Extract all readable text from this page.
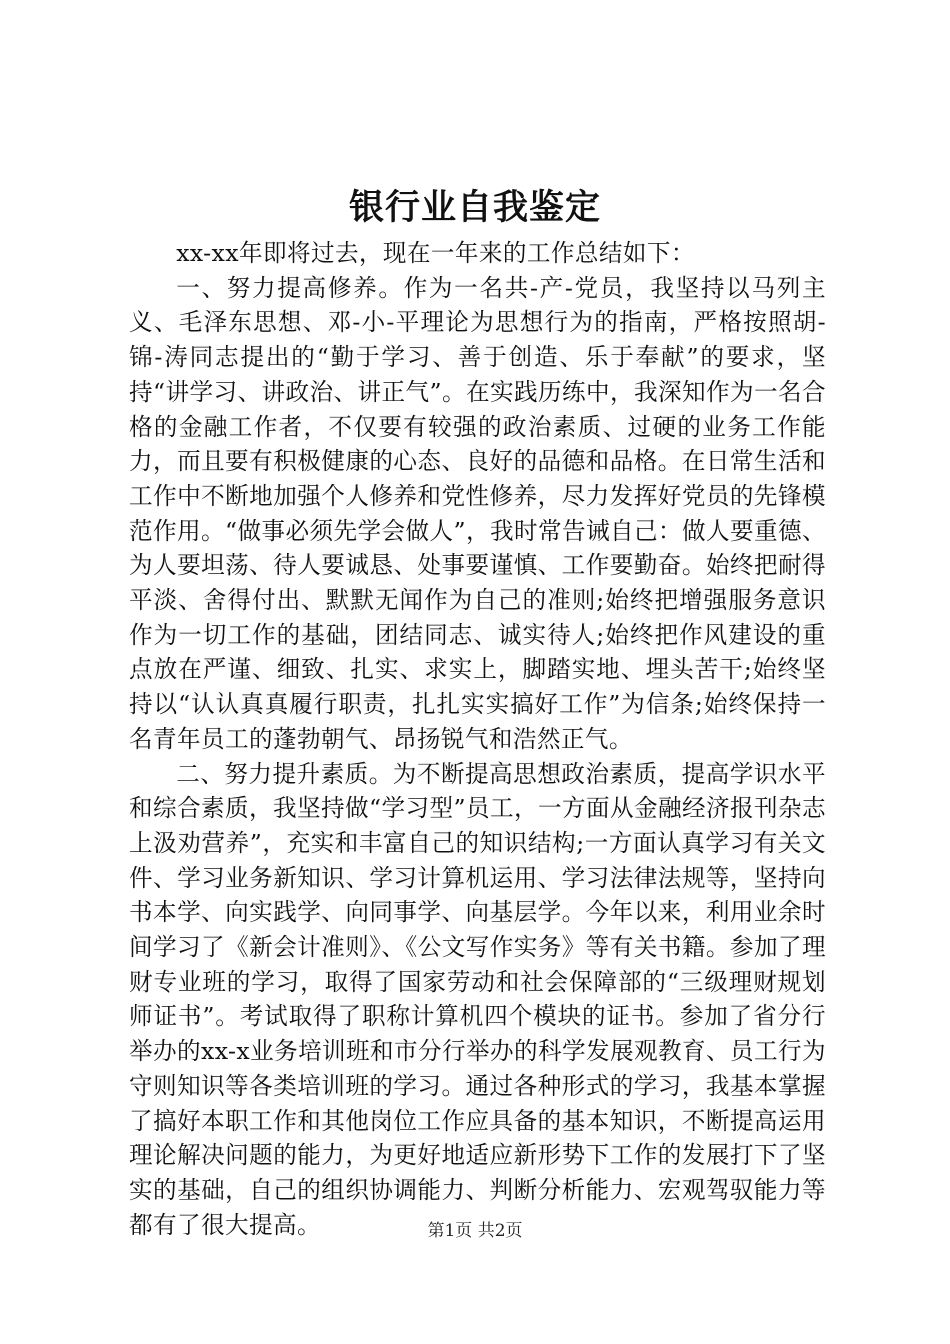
银行业自我鉴定

xx-xx年即将过去，现在一年来的工作总结如下：

一、努力提高修养。作为一名共-产-党员，我坚持以马列主义、毛泽东思想、邓-小-平理论为思想行为的指南，严格按照胡-锦-涛同志提出的“勤于学习、善于创造、乐于奉献”的要求，坚持“讲学习、讲政治、讲正气”。在实践历练中，我深知作为一名合格的金融工作者，不仅要有较强的政治素质、过硬的业务工作能力，而且要有积极健康的心态、良好的品德和品格。在日常生活和工作中不断地加强个人修养和党性修养，尽力发挥好党员的先锋模范作用。“做事必须先学会做人”，我时常告诫自己：做人要重德、为人要坦荡、待人要诚恳、处事要谨慎、工作要勤奋。始终把耐得平淡、舍得付出、默默无闻作为自己的准则;始终把增强服务意识作为一切工作的基础，团结同志、诚实待人;始终把作风建设的重点放在严谨、细致、扎实、求实上，脚踏实地、埋头苦干;始终坚持以“认认真真履行职责，扎扎实实搞好工作”为信条;始终保持一名青年员工的蓬勃朝气、昂扬锐气和浩然正气。

二、努力提升素质。为不断提高思想政治素质，提高学识水平和综合素质，我坚持做“学习型”员工，一方面从金融经济报刊杂志上汲劝营养”，充实和丰富自己的知识结构;一方面认真学习有关文件、学习业务新知识、学习计算机运用、学习法律法规等，坚持向书本学、向实践学、向同事学、向基层学。今年以来，利用业余时间学习了《新会计准则》、《公文写作实务》等有关书籍。参加了理财专业班的学习，取得了国家劳动和社会保障部的“三级理财规划师证书”。考试取得了职称计算机四个模块的证书。参加了省分行举办的xx-x业务培训班和市分行举办的科学发展观教育、员工行为守则知识等各类培训班的学习。通过各种形式的学习，我基本掌握了搞好本职工作和其他岗位工作应具备的基本知识，不断提高运用理论解决问题的能力，为更好地适应新形势下工作的发展打下了坚实的基础，自己的组织协调能力、判断分析能力、宏观驾驭能力等都有了很大提高。	第1页 共2页
